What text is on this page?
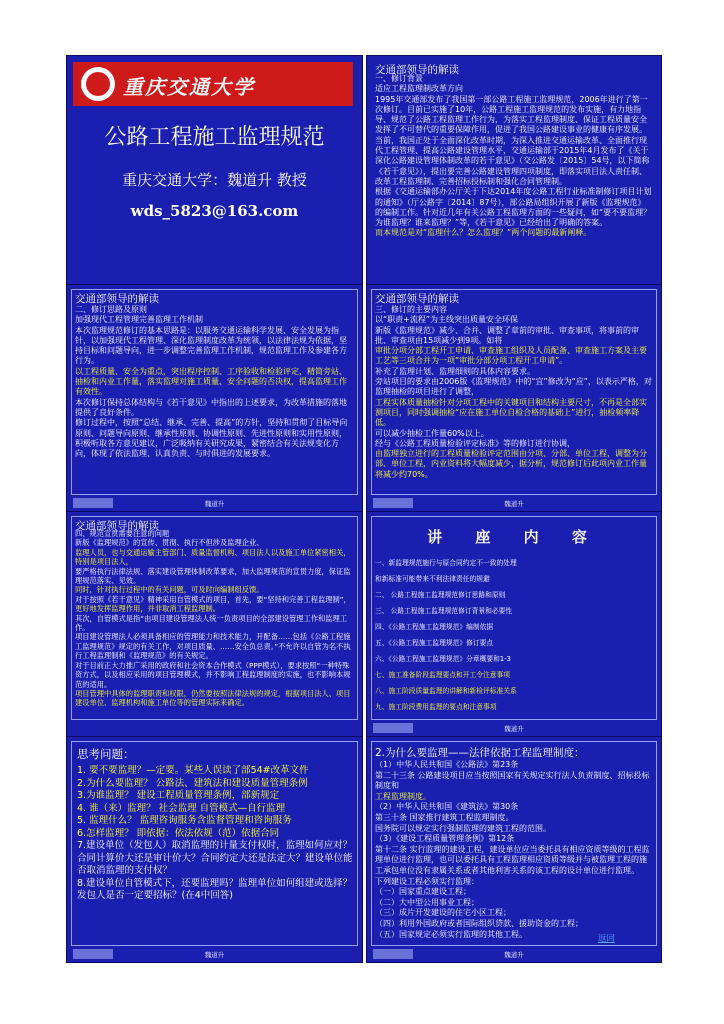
重庆交通大学
公路工程施工监理规范
重庆交通大学：魏道升 教授
wds_5823@163.com
交通部领导的解读

一、修订背景

适应工程监理制改革方向

1995年交通部发布了我国第一部公路工程施工监理规范，2006年进行了第一次修订。目前已实施了10年，公路工程施工监理规范的发布实施，有力地指导、规范了公路工程监理工作行为，为落实工程监理制度、保证工程质量安全发挥了不可替代的重要保障作用，促进了我国公路建设事业的健康有序发展。

当前，我国正处于全面深化改革时期，为深入推进交通运输改革、全面推行现代工程管理、提高公路建设管理水平，交通运输部于2015年4月发布了《关于深化公路建设管理体制改革的若干意见》（交公路发〔2015〕54号，以下简称《若干意见》），提出要完善公路建设管理四项制度，即落实项目法人责任制、改革工程监理制、完善招标投标制和强化合同管理制。

根据《交通运输部办公厅关于下达2014年度公路工程行业标准制修订项目计划的通知》（厅公路字〔2014〕87号），部公路局组织开展了新版《监理规范》的编制工作。针对近几年有关公路工程监理方面的一些疑问，如“要不要监理？为谁监理？谁来监理？”等，《若干意见》已经给出了明确的答案。

而本规范是对“监理什么？怎么监理？”两个问题的最新阐释。

交通部领导的解读

二、修订思路及原则

加强现代工程管理完善监理工作机制

本次监理规范修订的基本思路是：以服务交通运输科学发展、安全发展为指针，以加强现代工程管理、深化监理制度改革为统领，以法律法规为依据，坚持目标和问题导向，进一步调整完善监理工作机制，规范监理工作及参建各方行为。

以工程质量、安全为重点，突出程序控制、工序验收和检验评定，精简旁站、抽检和内业工作量，落实监理对施工质量、安全问题的否决权，提高监理工作有效性。

本次修订保持总体结构与《若干意见》中指出的上述要求，为改革措施的落地提供了良好条件。

修订过程中，按照“总结、继承、完善、提高”的方针，坚持和贯彻了目标导向原则、问题导向原则、继承性原则、协调性原则、先进性原则和实用性原则，积极听取各方意见建议，广泛吸纳有关研究成果，紧密结合有关法规变化方向，体现了依法监理、认真负责、与时俱进的发展要求。

魏道升
交通部领导的解读

三、修订的主要内容

以“职责+流程”为主线突出质量安全环保

新版《监理规范》减少、合并、调整了章前的审批、审查事项，将事前的审批、审查项由15项减少到9项。如将

审批分项分部工程开工申请、审查施工组织及人员配备、审查施工方案及主要工艺等三项合并为一项“审批分部分项工程开工申请”。

补充了监理计划、监理细则的具体内容要求。

旁站项目的要求由2006版《监理规范》中的“宜”修改为“应”，以表示严格，对监理抽检的项目进行了调整，

工程实体质量抽检针对分项工程中的关键项目和结构主要尺寸，不再是全部实测项目，同时强调抽检“应在施工单位自检合格的基础上”进行，抽检频率降低。

可以减少抽检工作量60%以上。

经与《公路工程质量检验评定标准》等的修订进行协调，

由监理独立进行的工程质量检验评定范围由分项、分部、单位工程，调整为分部、单位工程，内业资料将大幅度减少，据分析，规范修订后此项内业工作量将减少约70%。

魏道升
交通部领导的解读

四、规范宣贯需要注意的问题

新版《监理规范》的宣传、贯彻、执行不但涉及监理企业、

监理人员，也与交通运输主管部门、质量监督机构、项目法人以及施工单位紧密相关，特别是项目法人，

要严格执行法律法规、落实建设管理体制改革要求，加大监理规范的宣贯力度，保证监理规范落实、见效。

同时，针对执行过程中的有关问题，可及时向编制组反馈。

对于按照《若干意见》精神采用自管模式的项目，首先，要“坚持和完善工程监理制”，

更好地发挥监理作用，并非取消工程监理制。

其次，自管模式是指“由项目建设管理法人统一负责项目的全部建设管理工作和监理工作。

项目建设管理法人必须具备相应的管理能力和技术能力，开配备……包括《公路工程施工监理规范》规定的有关工作，对项目质量、……安全负总责。”不允许以自管为名不执行工程监理制和《监理规范》的有关规定。

对于目前正大力推广采用的政府和社会资本合作模式（PPP模式），要求按照“一种特殊资方式，以及相应采用的项目管理模式，并不影响工程监理制度的实施，也不影响本规范的适用。

项目管理中具体的监理职责和权限，仍然要按照法律法规的规定，根据项目法人、项目建设单位、监理机构和施工单位等的管理实际来确定。

讲 座 内 容

一、新监理规范施行与原合同约定不一致的处理

和新标准可能带来不利法律责任的规避

二、 公路工程施工监理规范修订思路和原则

三、 公路工程施工监理规范修订背景和必要性

四、《公路工程施工监理规范》编制依据

五、《公路工程施工监理规范》修订要点

六、《公路工程施工监理规范》分章概要和1-3

七、施工准备阶段监理要点和开工令注意事项

八、施工阶段质量监理的讲解和新检评标准关系

九、施工阶段费用监理的要点和注意事项

魏道升
思考问题：

1. 要不要监理？—定要。某些人误读了部54#改革文件

2.为什么要监理？ 公路法、建筑法和建设质量管理条例

3.为谁监理？ 建设工程质量管理条例，部新规定

4. 谁（来）监理？ 社会监理 自管模式—自行监理

5. 监理什么？ 监理咨询服务含监督管理和咨询服务

6.怎样监理？ 即依据：依法依规（范）依据合同

7.建设单位（发包人）取消监理的计量支付权时，监理如何应对？

合同计算价大还是审计价大？合同约定大还是法定大？建设单位能否取消监理的支付权？

8.建设单位自管模式下，还要监理吗？监理单位如何组建或选择？ 发包人是否一定要招标？(在4中回答)

魏道升
2.为什么要监理——法律依据工程监理制度：

（1）中华人民共和国《公路法》第23条

第二十三条 公路建设项目应当按照国家有关规定实行法人负责制度、招标投标制度和

工程监理制度。

（2）中华人民共和国《建筑法》第30条

第三十条 国家推行建筑工程监理制度。

国务院可以规定实行强制监理的建筑工程的范围。

（3）《建设工程质量管理条例》第12条

第十二条 实行监理的建设工程，建设单位应当委托具有相应资质等级的工程监理单位进行监理，也可以委托具有工程监理相应资质等级并与被监理工程的施工承包单位没有隶属关系或者其他利害关系的该工程的设计单位进行监理。

下列建设工程必须实行监理：

（一）国家重点建设工程；

（二）大中型公用事业工程；

（三）成片开发建设的住宅小区工程；

（四）利用外国政府或者国际组织贷款、援助资金的工程；

（五）国家规定必须实行监理的其他工程。	返回
魏道升
